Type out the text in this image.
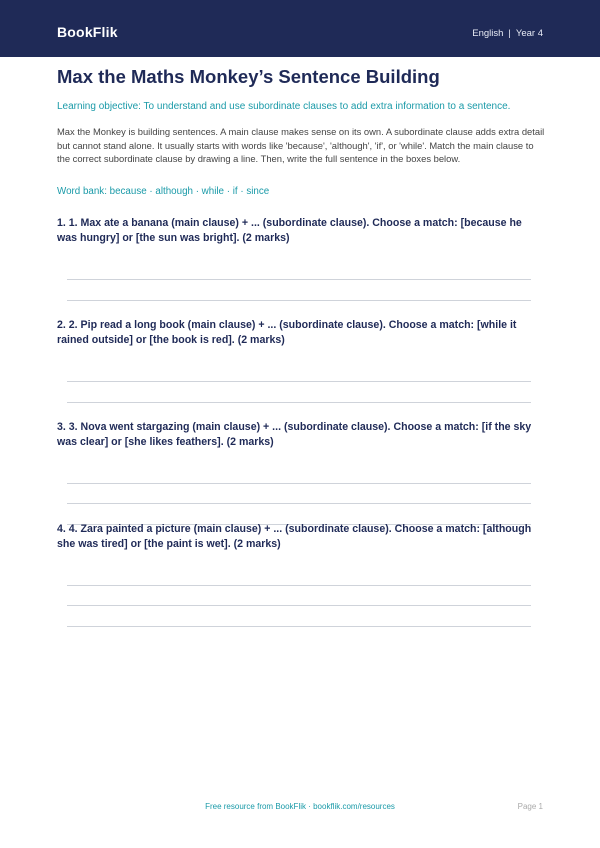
BookFlik	English | Year 4
Max the Maths Monkey’s Sentence Building

Learning objective: To understand and use subordinate clauses to add extra information to a sentence.

Max the Monkey is building sentences. A main clause makes sense on its own. A subordinate clause adds extra detail but cannot stand alone. It usually starts with words like 'because', 'although', 'if', or 'while'. Match the main clause to the correct subordinate clause by drawing a line. Then, write the full sentence in the boxes below.

Word bank: because · although · while · if · since

1. 1. Max ate a banana (main clause) + ... (subordinate clause). Choose a match: [because he was hungry] or [the sun was bright]. (2 marks)

2. 2. Pip read a long book (main clause) + ... (subordinate clause). Choose a match: [while it rained outside] or [the book is red]. (2 marks)

3. 3. Nova went stargazing (main clause) + ... (subordinate clause). Choose a match: [if the sky was clear] or [she likes feathers]. (2 marks)

4. 4. Zara painted a picture (main clause) + ... (subordinate clause). Choose a match: [although she was tired] or [the paint is wet]. (2 marks)

Free resource from BookFlik · bookflik.com/resources	Page 1
